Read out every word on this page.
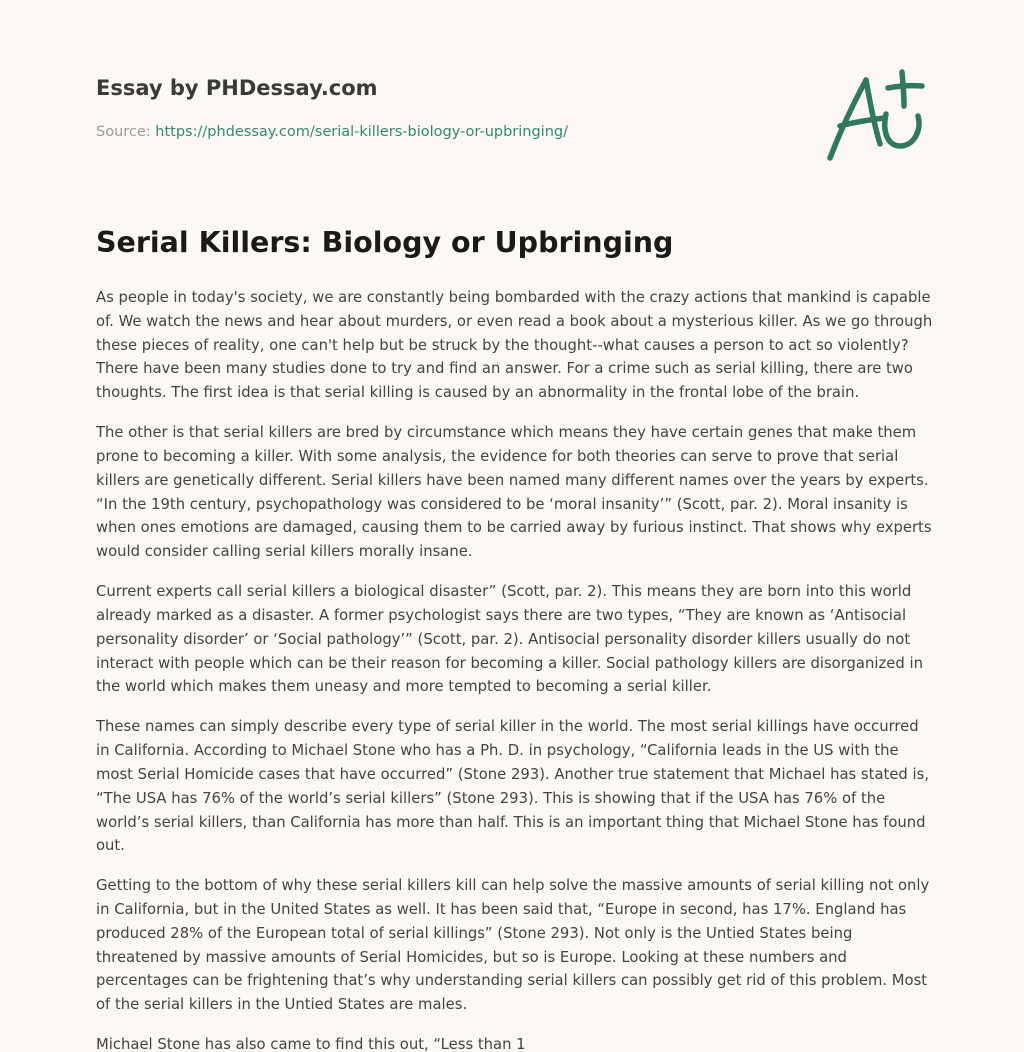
Essay by PHDessay.com
Source: https://phdessay.com/serial-killers-biology-or-upbringing/
Serial Killers: Biology or Upbringing

As people in today's society, we are constantly being bombarded with the crazy actions that mankind is capable of. We watch the news and hear about murders, or even read a book about a mysterious killer. As we go through these pieces of reality, one can't help but be struck by the thought--what causes a person to act so violently? There have been many studies done to try and find an answer. For a crime such as serial killing, there are two thoughts. The first idea is that serial killing is caused by an abnormality in the frontal lobe of the brain.

The other is that serial killers are bred by circumstance which means they have certain genes that make them prone to becoming a killer. With some analysis, the evidence for both theories can serve to prove that serial killers are genetically different. Serial killers have been named many different names over the years by experts. “In the 19th century, psychopathology was considered to be ‘moral insanity’” (Scott, par. 2). Moral insanity is when ones emotions are damaged, causing them to be carried away by furious instinct. That shows why experts would consider calling serial killers morally insane.

Current experts call serial killers a biological disaster” (Scott, par. 2). This means they are born into this world already marked as a disaster. A former psychologist says there are two types, “They are known as ‘Antisocial personality disorder’ or ‘Social pathology’” (Scott, par. 2). Antisocial personality disorder killers usually do not interact with people which can be their reason for becoming a killer. Social pathology killers are disorganized in the world which makes them uneasy and more tempted to becoming a serial killer.

These names can simply describe every type of serial killer in the world. The most serial killings have occurred in California. According to Michael Stone who has a Ph. D. in psychology, “California leads in the US with the most Serial Homicide cases that have occurred” (Stone 293). Another true statement that Michael has stated is, “The USA has 76% of the world’s serial killers” (Stone 293). This is showing that if the USA has 76% of the world’s serial killers, than California has more than half. This is an important thing that Michael Stone has found out.

Getting to the bottom of why these serial killers kill can help solve the massive amounts of serial killing not only in California, but in the United States as well. It has been said that, “Europe in second, has 17%. England has produced 28% of the European total of serial killings” (Stone 293). Not only is the Untied States being threatened by massive amounts of Serial Homicides, but so is Europe. Looking at these numbers and percentages can be frightening that’s why understanding serial killers can possibly get rid of this problem. Most of the serial killers in the Untied States are males.

Michael Stone has also came to find this out, “Less than 1
